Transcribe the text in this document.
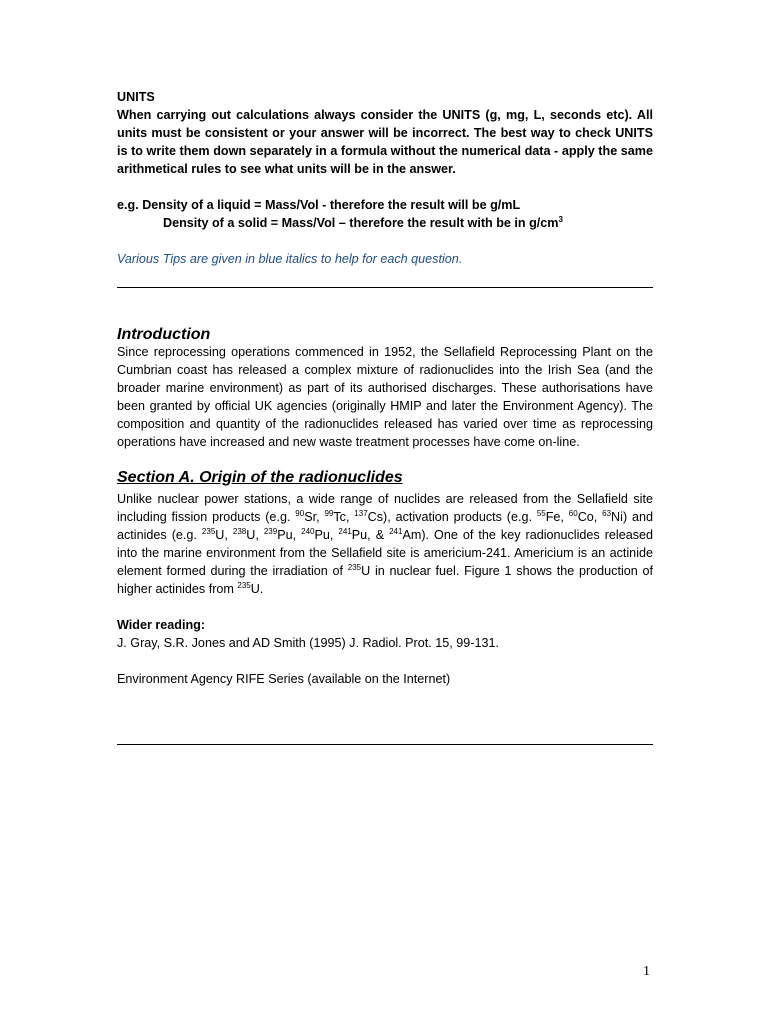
UNITS

When carrying out calculations always consider the UNITS (g, mg, L, seconds etc). All units must be consistent or your answer will be incorrect. The best way to check UNITS is to write them down separately in a formula without the numerical data - apply the same arithmetical rules to see what units will be in the answer.

e.g. Density of a liquid = Mass/Vol - therefore the result will be g/mL

Density of a solid = Mass/Vol – therefore the result with be in $g/cm^3$

Various Tips are given in blue italics to help for each question.

Introduction

Since reprocessing operations commenced in 1952, the Sellafield Reprocessing Plant on the Cumbrian coast has released a complex mixture of radionuclides into the Irish Sea (and the broader marine environment) as part of its authorised discharges. These authorisations have been granted by official UK agencies (originally HMIP and later the Environment Agency). The composition and quantity of the radionuclides released has varied over time as reprocessing operations have increased and new waste treatment processes have come on-line.

Section A. Origin of the radionuclides

Unlike nuclear power stations, a wide range of nuclides are released from the Sellafield site including fission products (e.g. $^{90}$Sr, $^{99}$Tc, $^{137}$Cs), activation products (e.g. $^{55}$Fe, $^{60}$Co, $^{63}$Ni) and actinides (e.g. $^{235}$U, $^{238}$U, $^{239}$Pu, $^{240}$Pu, $^{241}$Pu, & $^{241}$Am). One of the key radionuclides released into the marine environment from the Sellafield site is americium-241. Americium is an actinide element formed during the irradiation of $^{235}$U in nuclear fuel. Figure 1 shows the production of higher actinides from $^{235}$U.

Wider reading:

J. Gray, S.R. Jones and AD Smith (1995) J. Radiol. Prot. 15, 99-131.

Environment Agency RIFE Series (available on the Internet)

1
